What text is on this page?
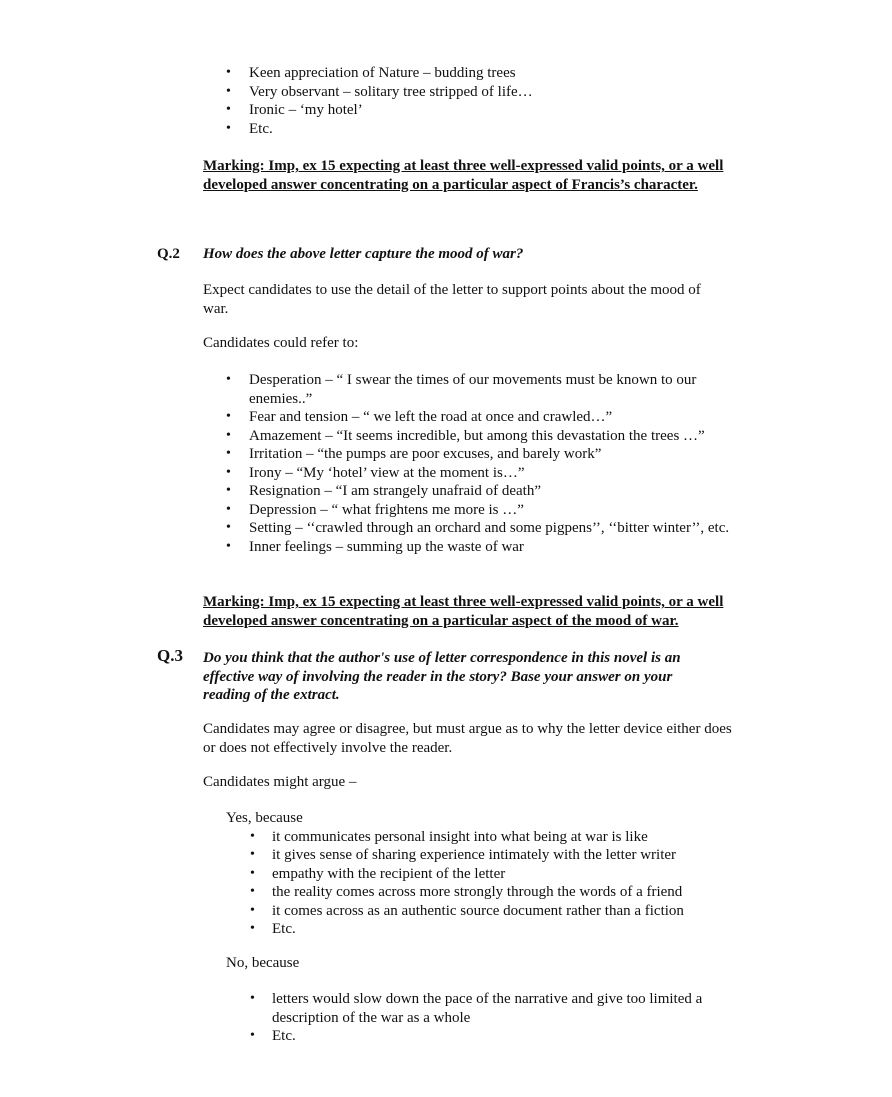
• Keen appreciation of Nature – budding trees
• Very observant – solitary tree stripped of life…
• Ironic – ‘my hotel’
• Etc.

Marking: Imp, ex 15 expecting at least three well-expressed valid points, or a well developed answer concentrating on a particular aspect of Francis’s character.

Q.2 How does the above letter capture the mood of war?

Expect candidates to use the detail of the letter to support points about the mood of war.

Candidates could refer to:

• Desperation – “ I swear the times of our movements must be known to our enemies..”
• Fear and tension – “ we left the road at once and crawled…”
• Amazement – “It seems incredible, but among this devastation the trees …”
• Irritation – “the pumps are poor excuses, and barely work”
• Irony – “My ‘hotel’ view at the moment is…”
• Resignation – “I am strangely unafraid of death”
• Depression – “ what frightens me more is …”
• Setting – ‘‘crawled through an orchard and some pigpens’’, ‘‘bitter winter’’, etc.
• Inner feelings – summing up the waste of war

Marking: Imp, ex 15 expecting at least three well-expressed valid points, or a well developed answer concentrating on a particular aspect of the mood of war.

Q.3 Do you think that the author's use of letter correspondence in this novel is an effective way of involving the reader in the story? Base your answer on your reading of the extract.

Candidates may agree or disagree, but must argue as to why the letter device either does or does not effectively involve the reader.

Candidates might argue –

Yes, because

• it communicates personal insight into what being at war is like
• it gives sense of sharing experience intimately with the letter writer
• empathy with the recipient of the letter
• the reality comes across more strongly through the words of a friend
• it comes across as an authentic source document rather than a fiction
• Etc.

No, because

• letters would slow down the pace of the narrative and give too limited a description of the war as a whole
• Etc.
